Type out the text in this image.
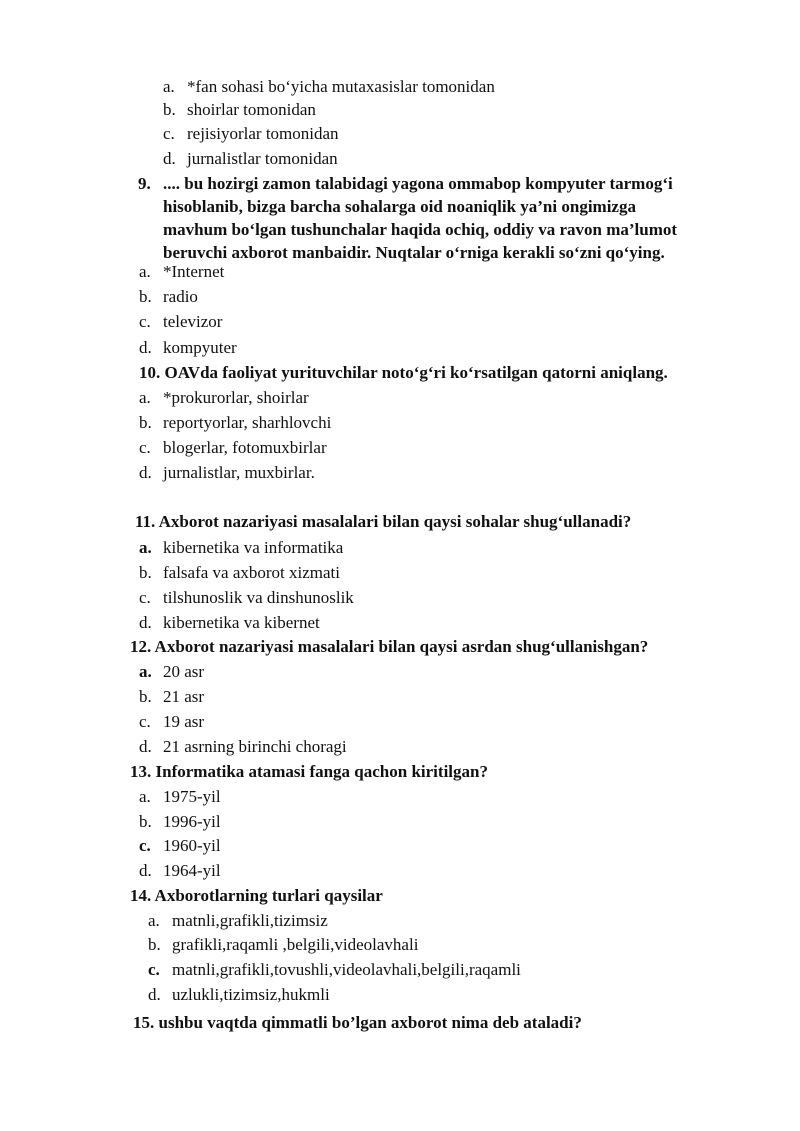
a. *fan sohasi bo‘yicha mutaxasislar tomonidan
b. shoirlar tomonidan
c. rejisiyorlar tomonidan
d. jurnalistlar tomonidan
9. .... bu hozirgi zamon talabidagi yagona ommabop kompyuter tarmog‘i
hisoblanib, bizga barcha sohalarga oid noaniqlik ya’ni ongimizga
mavhum bo‘lgan tushunchalar haqida ochiq, oddiy va ravon ma’lumot
beruvchi axborot manbaidir. Nuqtalar o‘rniga kerakli so‘zni qo‘ying.
a. *Internet
b. radio
c. televizor
d. kompyuter
10. OAVda faoliyat yurituvchilar noto‘g‘ri ko‘rsatilgan qatorni aniqlang.
a. *prokurorlar, shoirlar
b. reportyorlar, sharhlovchi
c. blogerlar, fotomuxbirlar
d. jurnalistlar, muxbirlar.
11. Axborot nazariyasi masalalari bilan qaysi sohalar shug‘ullanadi?
a. kibernetika va informatika
b. falsafa va axborot xizmati
c. tilshunoslik va dinshunoslik
d. kibernetika va kibernet
12. Axborot nazariyasi masalalari bilan qaysi asrdan shug‘ullanishgan?
a. 20 asr
b. 21 asr
c. 19 asr
d. 21 asrning birinchi choragi
13. Informatika atamasi fanga qachon kiritilgan?
a. 1975-yil
b. 1996-yil
c. 1960-yil
d. 1964-yil
14. Axborotlarning turlari qaysilar
a. matnli,grafikli,tizimsiz
b. grafikli,raqamli ,belgili,videolavhali
c. matnli,grafikli,tovushli,videolavhali,belgili,raqamli
d. uzlukli,tizimsiz,hukmli
15. ushbu vaqtda qimmatli bo’lgan axborot nima deb ataladi?
